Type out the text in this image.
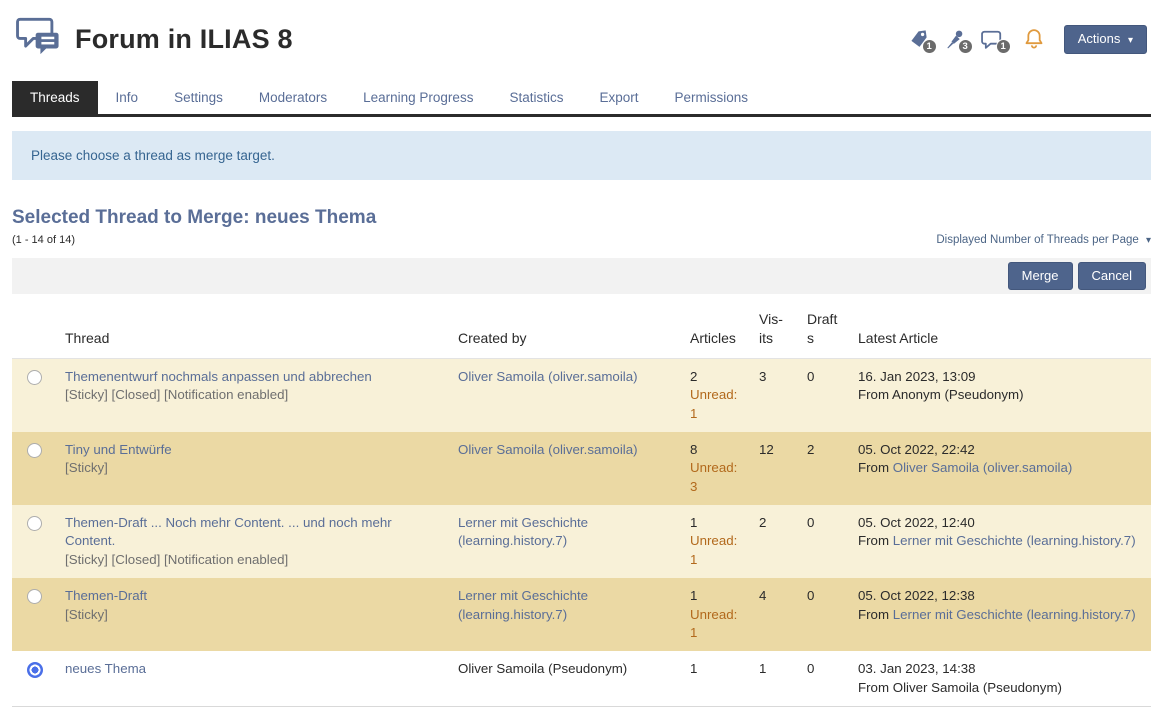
Forum in ILIAS 8	1	3	1
Actions ▾
Threads	Info	Settings	Moderators	Learning Progress	Statistics	Export	Permissions
Please choose a thread as merge target.
Selected Thread to Merge: neues Thema
(1 - 14 of 14)	Displayed Number of Threads per Page ▾
Merge	Cancel
	Thread	Created by	Articles	Vis- its	Draft s	Latest Article
	Themenentwurf nochmals anpassen und abbrechen
[Sticky] [Closed] [Notification enabled]
	Oliver Samoila (oliver.samoila)	2
Unread: 1
	3	0	16. Jan 2023, 13:09
From Anonym (Pseudonym)

	Tiny und Entwürfe
[Sticky]
	Oliver Samoila (oliver.samoila)	8
Unread: 3
	12	2	05. Oct 2022, 22:42
From Oliver Samoila (oliver.samoila)

	Themen-Draft ... Noch mehr Content. ... und noch mehr Content.
[Sticky] [Closed] [Notification enabled]
	Lerner mit Geschichte (learning.history.7)	
1
Unread: 1
	2	0	05. Oct 2022, 12:40
From Lerner mit Geschichte (learning.history.7)

	Themen-Draft
[Sticky]
	Lerner mit Geschichte (learning.history.7)	
1
Unread: 1
	4	0	05. Oct 2022, 12:38
From Lerner mit Geschichte (learning.history.7)

	neues Thema	Oliver Samoila (Pseudonym)	1	1	0	03. Jan 2023, 14:38
From Oliver Samoila (Pseudonym)
